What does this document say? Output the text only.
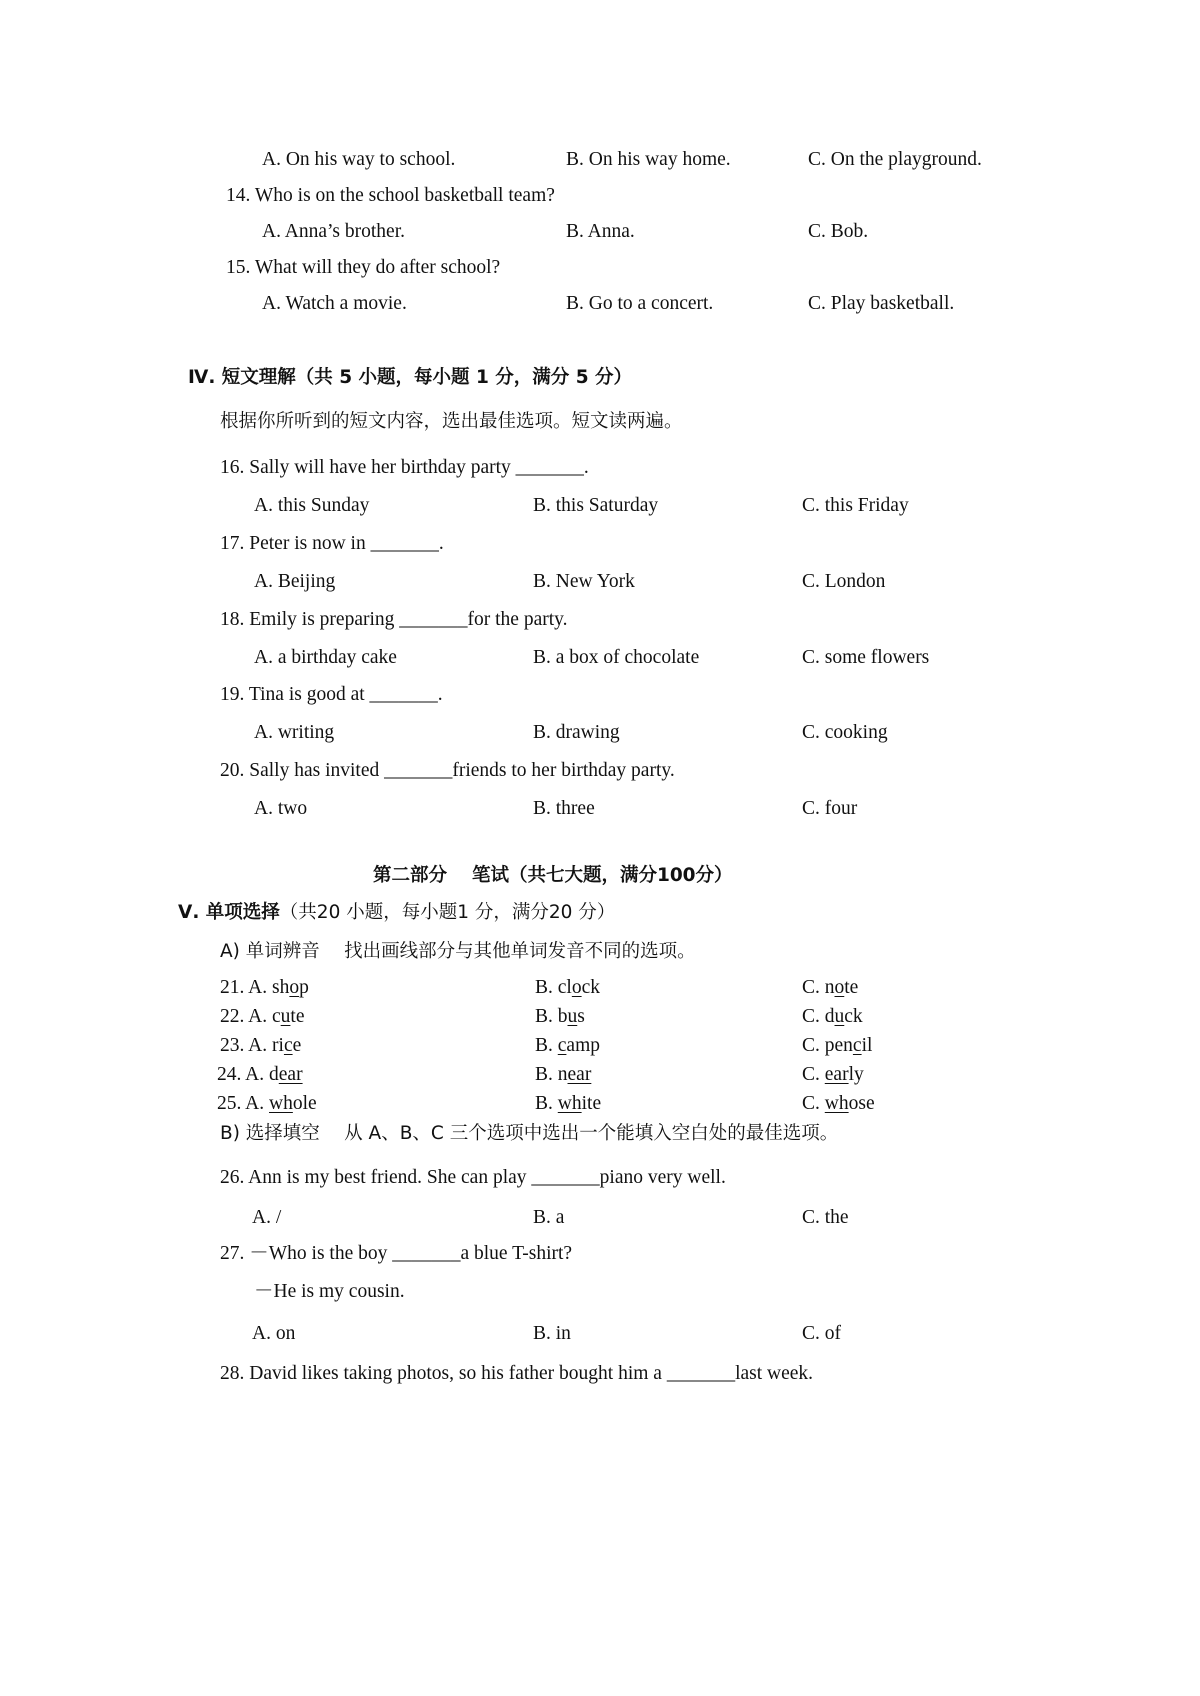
A. On his way to school.	B. On his way home.	C. On the playground.
14. Who is on the school basketball team?
A. Anna’s brother.	B. Anna.	C. Bob.
15. What will they do after school?
A. Watch a movie.	B. Go to a concert.	C. Play basketball.
Ⅳ. 短文理解（共 5 小题，每小题 1 分，满分 5 分）
根据你所听到的短文内容，选出最佳选项。短文读两遍。
16. Sally will have her birthday party _______.
A. this Sunday	B. this Saturday	C. this Friday
17. Peter is now in _______.
A. Beijing	B. New York	C. London
18. Emily is preparing _______for the party.
A. a birthday cake	B. a box of chocolate	C. some flowers
19. Tina is good at _______.
A. writing	B. drawing	C. cooking
20. Sally has invited _______friends to her birthday party.
A. two	B. three	C. four
第二部分　 笔试（共七大题，满分100分）
Ⅴ. 单项选择（共20 小题，每小题1 分，满分20 分）
A) 单词辨音　 找出画线部分与其他单词发音不同的选项。
21. A. shop	B. clock	C. note
22. A. cute	B. bus	C. duck
23. A. rice	B. camp	C. pencil
24. A. dear	B. near	C. early
25. A. whole	B. white	C. whose
B) 选择填空　 从 A、B、C 三个选项中选出一个能填入空白处的最佳选项。
26. Ann is my best friend. She can play _______piano very well.
A. /	B. a	C. the
27. －Who is the boy _______a blue T-shirt?
－He is my cousin.
A. on	B. in	C. of
28. David likes taking photos, so his father bought him a _______last week.
